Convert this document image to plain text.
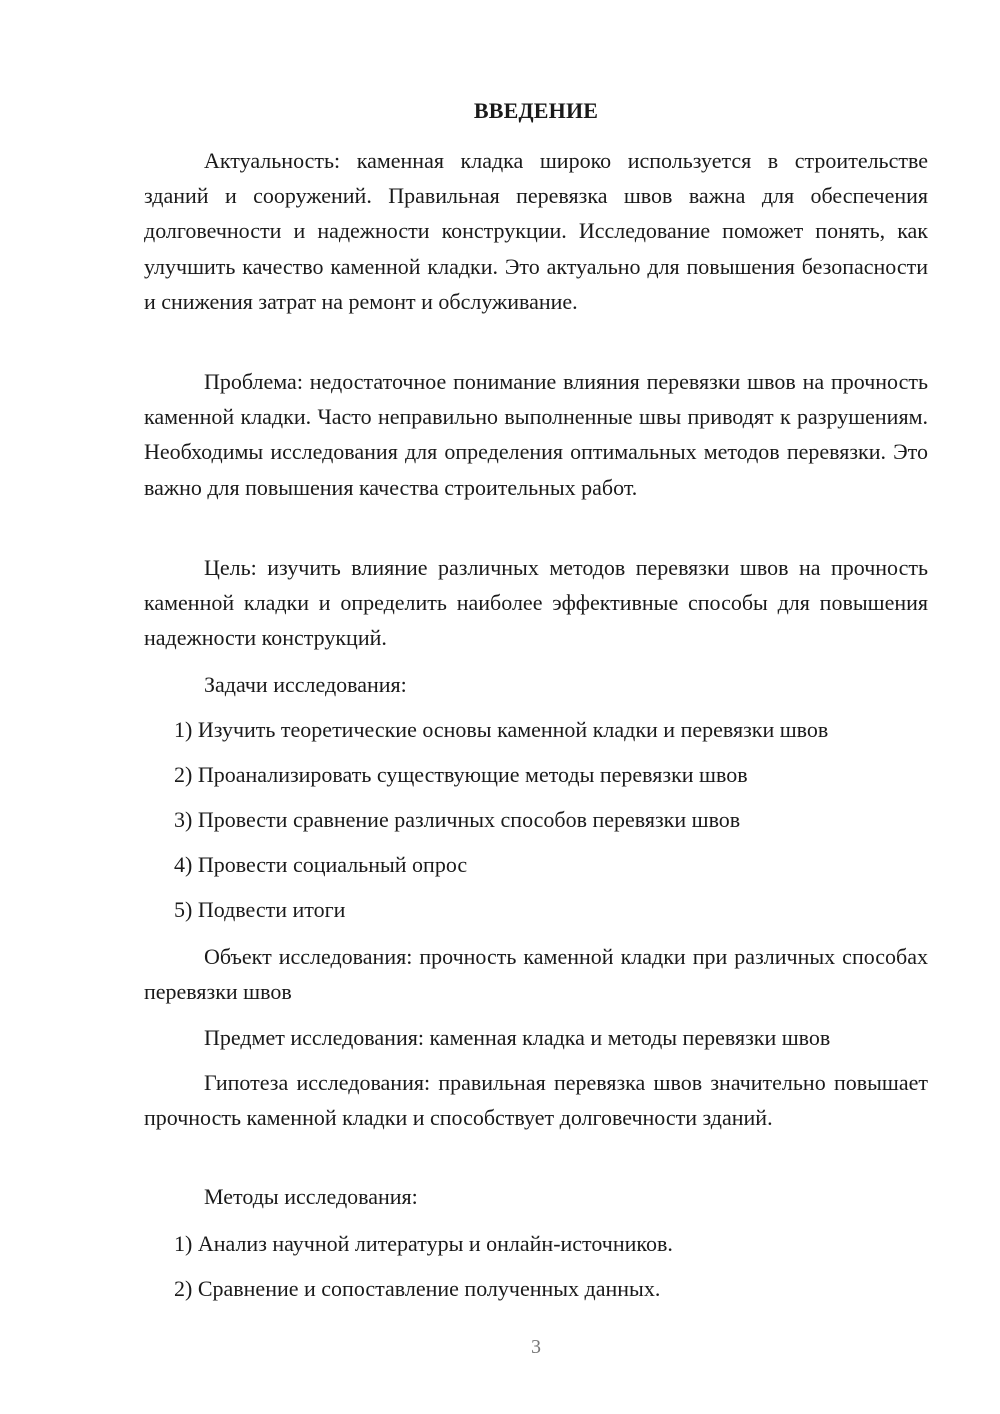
ВВЕДЕНИЕ

Актуальность: каменная кладка широко используется в строительстве зданий и сооружений. Правильная перевязка швов важна для обеспечения долговечности и надежности конструкции. Исследование поможет понять, как улучшить качество каменной кладки. Это актуально для повышения безопасности и снижения затрат на ремонт и обслуживание.

Проблема: недостаточное понимание влияния перевязки швов на прочность каменной кладки. Часто неправильно выполненные швы приводят к разрушениям. Необходимы исследования для определения оптимальных методов перевязки. Это важно для повышения качества строительных работ.

Цель: изучить влияние различных методов перевязки швов на прочность каменной кладки и определить наиболее эффективные способы для повышения надежности конструкций.

Задачи исследования:

1) Изучить теоретические основы каменной кладки и перевязки швов

2) Проанализировать существующие методы перевязки швов

3) Провести сравнение различных способов перевязки швов

4) Провести социальный опрос

5) Подвести итоги

Объект исследования: прочность каменной кладки при различных способах перевязки швов

Предмет исследования: каменная кладка и методы перевязки швов

Гипотеза исследования: правильная перевязка швов значительно повышает прочность каменной кладки и способствует долговечности зданий.

Методы исследования:

1) Анализ научной литературы и онлайн-источников.

2) Сравнение и сопоставление полученных данных.

3
